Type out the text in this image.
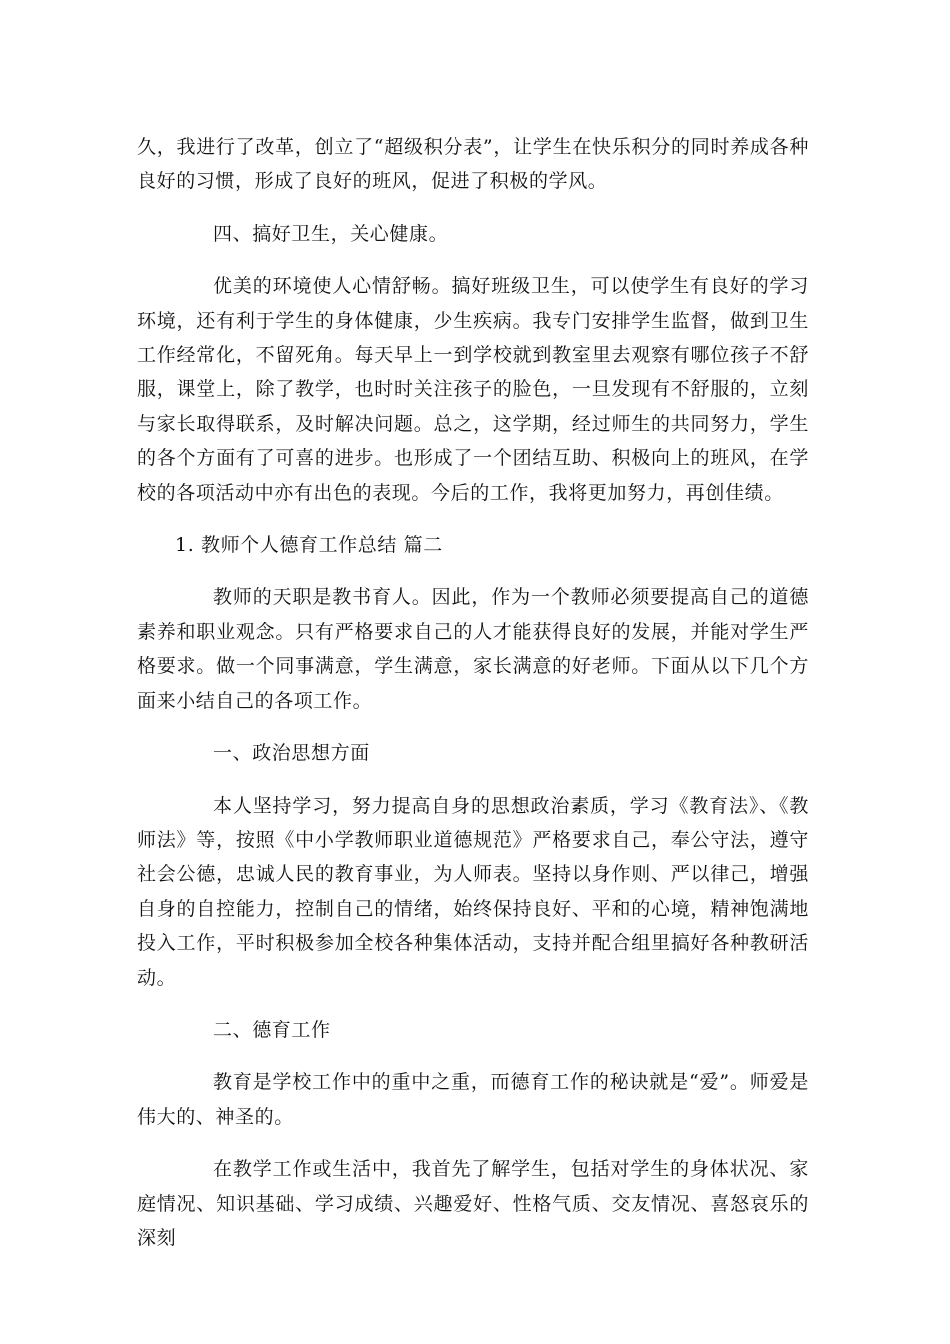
久，我进行了改革，创立了“超级积分表”，让学生在快乐积分的同时养成各种良好的习惯，形成了良好的班风，促进了积极的学风。

四、搞好卫生，关心健康。

优美的环境使人心情舒畅。搞好班级卫生，可以使学生有良好的学习环境，还有利于学生的身体健康，少生疾病。我专门安排学生监督，做到卫生工作经常化，不留死角。每天早上一到学校就到教室里去观察有哪位孩子不舒服，课堂上，除了教学，也时时关注孩子的脸色，一旦发现有不舒服的，立刻与家长取得联系，及时解决问题。总之，这学期，经过师生的共同努力，学生的各个方面有了可喜的进步。也形成了一个团结互助、积极向上的班风，在学校的各项活动中亦有出色的表现。今后的工作，我将更加努力，再创佳绩。

1. 教师个人德育工作总结 篇二

教师的天职是教书育人。因此，作为一个教师必须要提高自己的道德素养和职业观念。只有严格要求自己的人才能获得良好的发展，并能对学生严格要求。做一个同事满意，学生满意，家长满意的好老师。下面从以下几个方面来小结自己的各项工作。

一、政治思想方面

本人坚持学习，努力提高自身的思想政治素质，学习《教育法》、《教师法》等，按照《中小学教师职业道德规范》严格要求自己，奉公守法，遵守社会公德，忠诚人民的教育事业，为人师表。坚持以身作则、严以律己，增强自身的自控能力，控制自己的情绪，始终保持良好、平和的心境，精神饱满地投入工作，平时积极参加全校各种集体活动，支持并配合组里搞好各种教研活动。

二、德育工作

教育是学校工作中的重中之重，而德育工作的秘诀就是“爱”。师爱是伟大的、神圣的。

在教学工作或生活中，我首先了解学生，包括对学生的身体状况、家庭情况、知识基础、学习成绩、兴趣爱好、性格气质、交友情况、喜怒哀乐的深刻
